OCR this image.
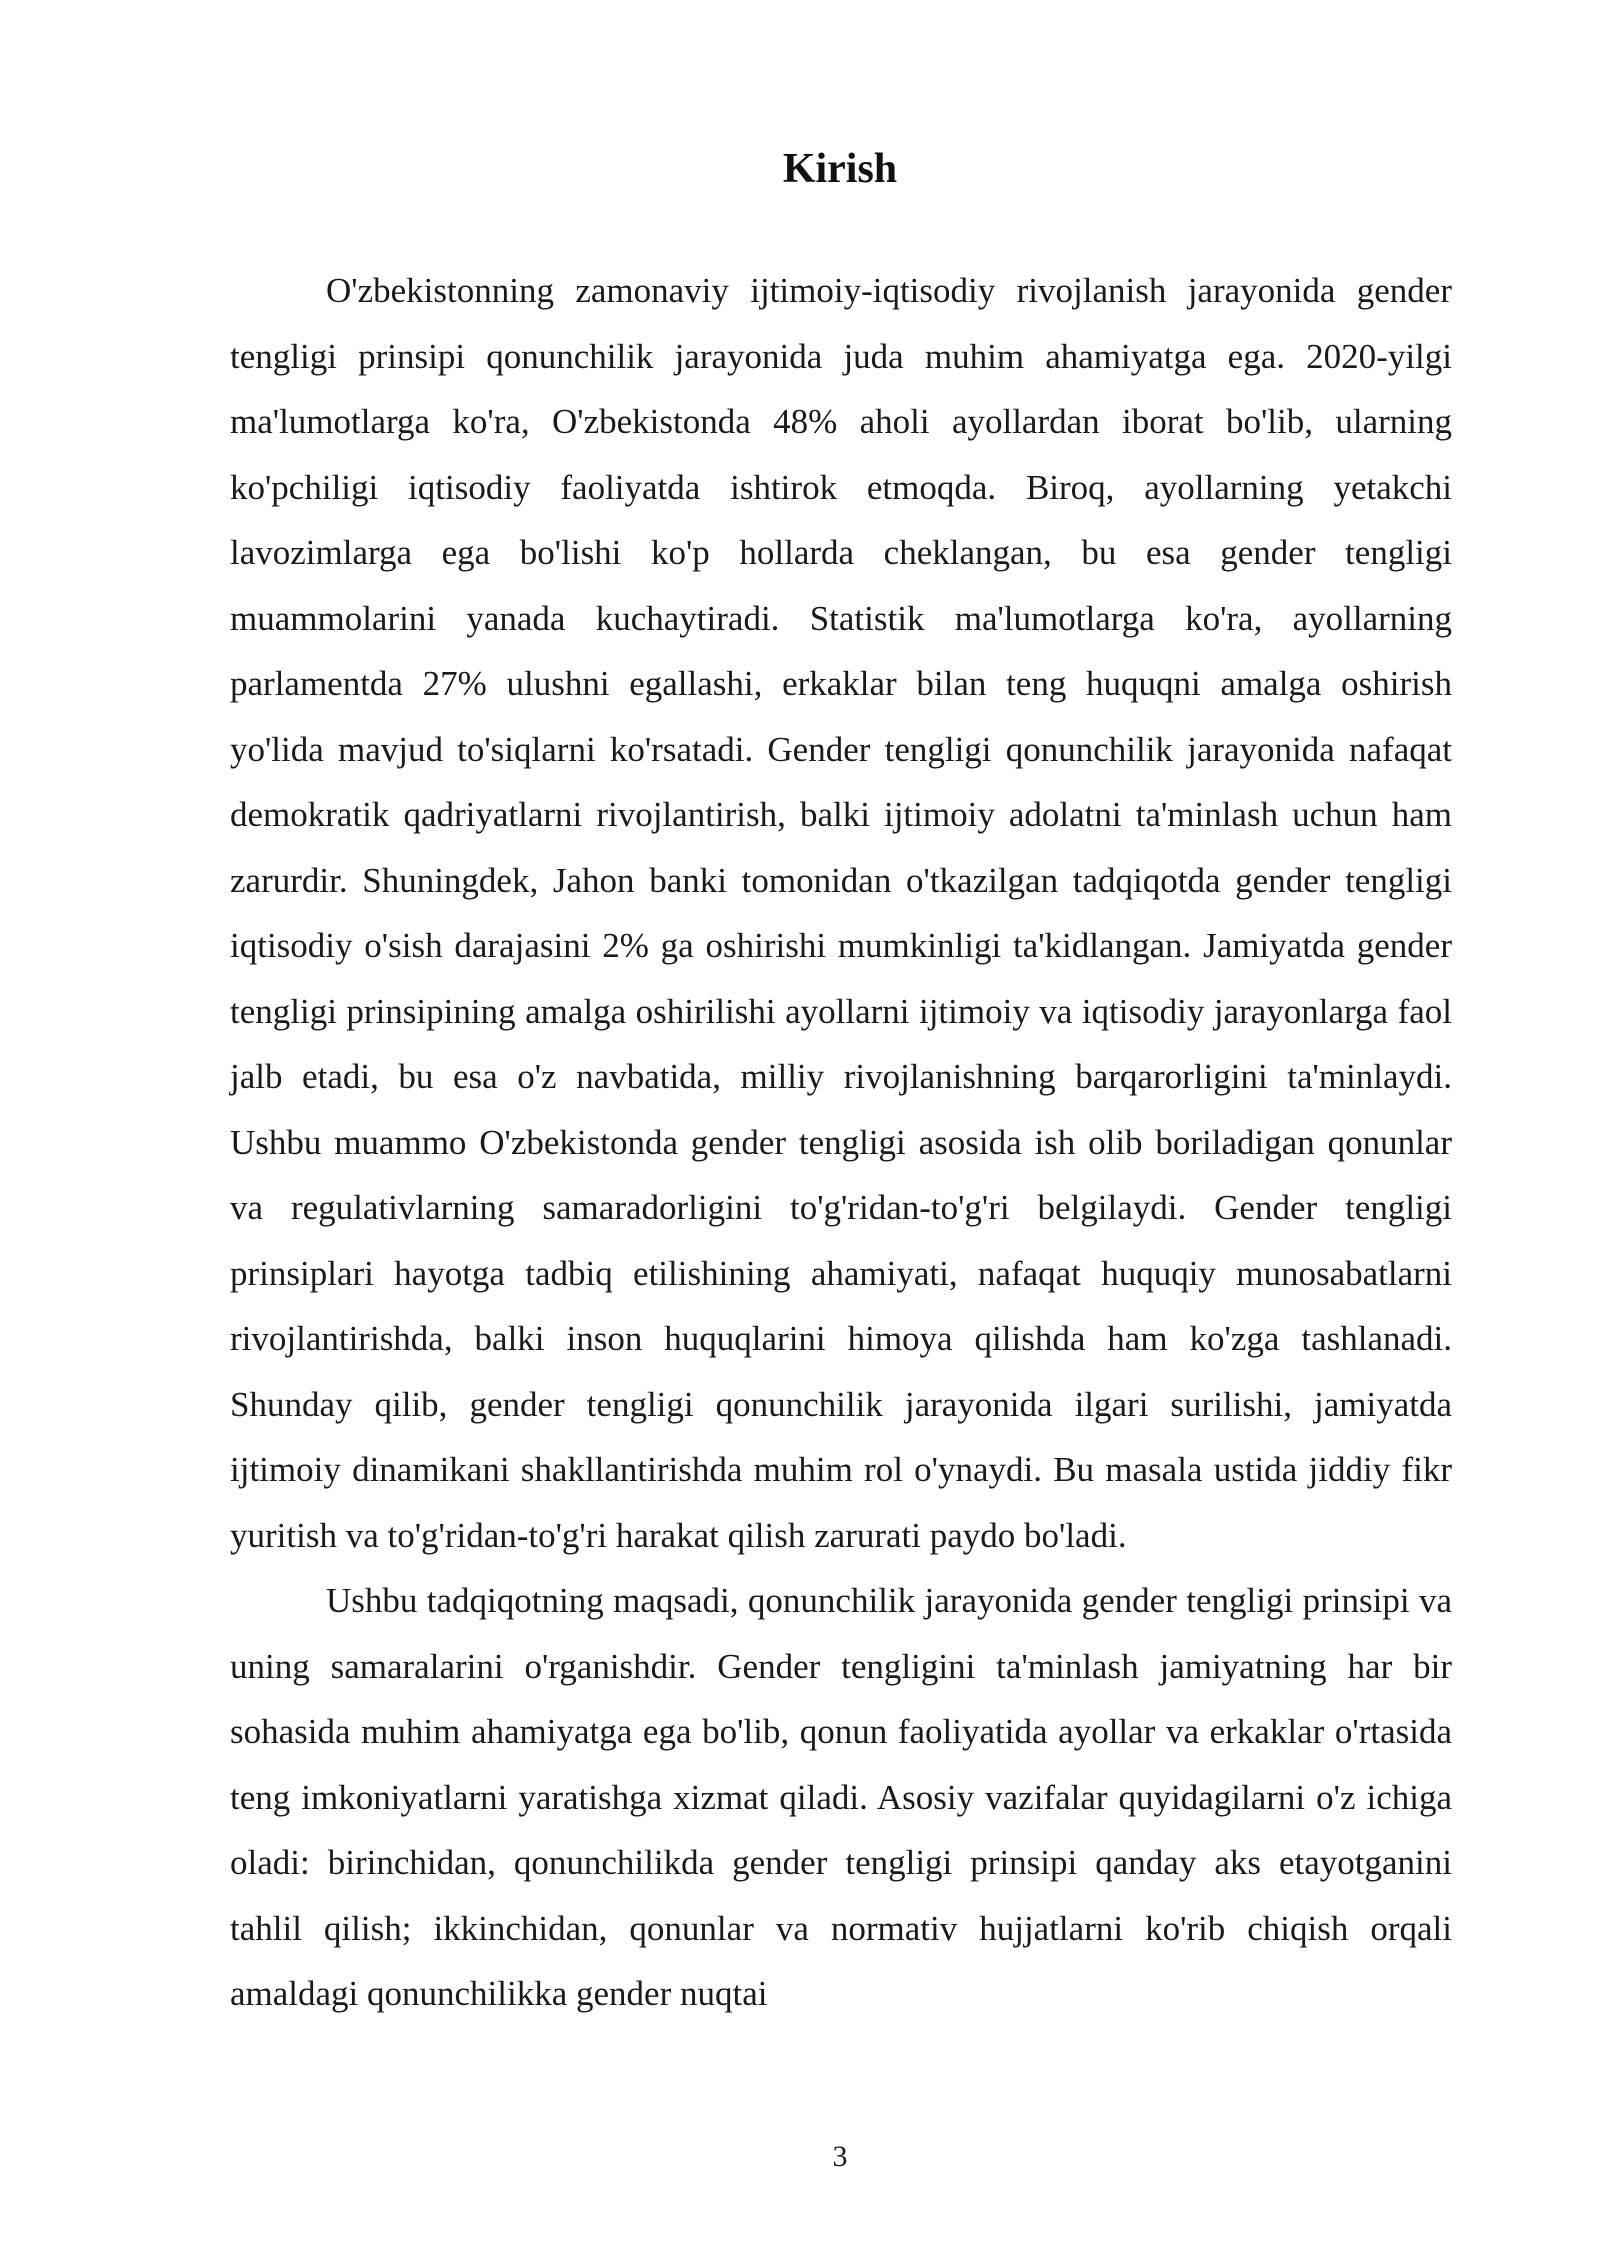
Kirish

O'zbekistonning zamonaviy ijtimoiy-iqtisodiy rivojlanish jarayonida gender tengligi prinsipi qonunchilik jarayonida juda muhim ahamiyatga ega. 2020-yilgi ma'lumotlarga ko'ra, O'zbekistonda 48% aholi ayollardan iborat bo'lib, ularning ko'pchiligi iqtisodiy faoliyatda ishtirok etmoqda. Biroq, ayollarning yetakchi lavozimlarga ega bo'lishi ko'p hollarda cheklangan, bu esa gender tengligi muammolarini yanada kuchaytiradi. Statistik ma'lumotlarga ko'ra, ayollarning parlamentda 27% ulushni egallashi, erkaklar bilan teng huquqni amalga oshirish yo'lida mavjud to'siqlarni ko'rsatadi. Gender tengligi qonunchilik jarayonida nafaqat demokratik qadriyatlarni rivojlantirish, balki ijtimoiy adolatni ta'minlash uchun ham zarurdir. Shuningdek, Jahon banki tomonidan o'tkazilgan tadqiqotda gender tengligi iqtisodiy o'sish darajasini 2% ga oshirishi mumkinligi ta'kidlangan. Jamiyatda gender tengligi prinsipining amalga oshirilishi ayollarni ijtimoiy va iqtisodiy jarayonlarga faol jalb etadi, bu esa o'z navbatida, milliy rivojlanishning barqarorligini ta'minlaydi. Ushbu muammo O'zbekistonda gender tengligi asosida ish olib boriladigan qonunlar va regulativlarning samaradorligini to'g'ridan-to'g'ri belgilaydi. Gender tengligi prinsiplari hayotga tadbiq etilishining ahamiyati, nafaqat huquqiy munosabatlarni rivojlantirishda, balki inson huquqlarini himoya qilishda ham ko'zga tashlanadi. Shunday qilib, gender tengligi qonunchilik jarayonida ilgari surilishi, jamiyatda ijtimoiy dinamikani shakllantirishda muhim rol o'ynaydi. Bu masala ustida jiddiy fikr yuritish va to'g'ridan-to'g'ri harakat qilish zarurati paydo bo'ladi.

Ushbu tadqiqotning maqsadi, qonunchilik jarayonida gender tengligi prinsipi va uning samaralarini o'rganishdir. Gender tengligini ta'minlash jamiyatning har bir sohasida muhim ahamiyatga ega bo'lib, qonun faoliyatida ayollar va erkaklar o'rtasida teng imkoniyatlarni yaratishga xizmat qiladi. Asosiy vazifalar quyidagilarni o'z ichiga oladi: birinchidan, qonunchilikda gender tengligi prinsipi qanday aks etayotganini tahlil qilish; ikkinchidan, qonunlar va normativ hujjatlarni ko'rib chiqish orqali amaldagi qonunchilikka gender nuqtai

3
